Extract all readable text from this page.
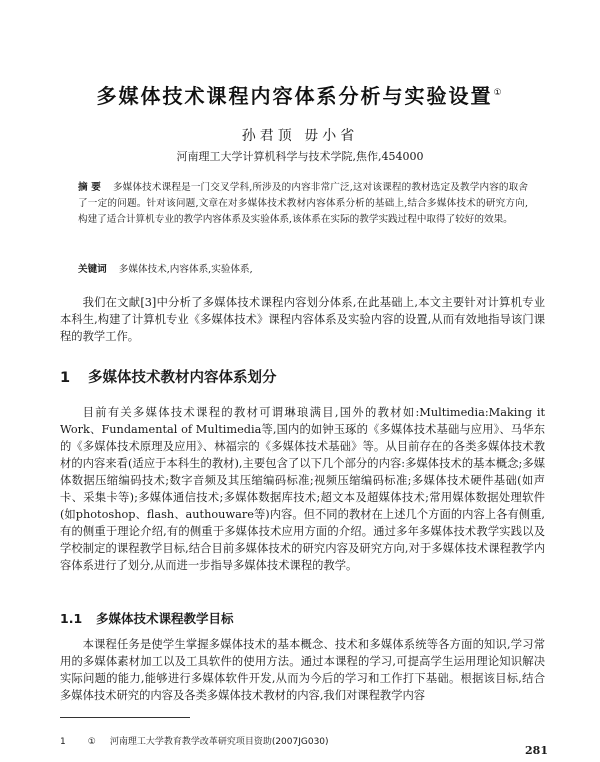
多媒体技术课程内容体系分析与实验设置①
孙君顶 毋小省
河南理工大学计算机科学与技术学院,焦作,454000

摘 要 多媒体技术课程是一门交叉学科,所涉及的内容非常广泛,这对该课程的教材选定及教学内容的取舍了一定的问题。针对该问题,文章在对多媒体技术教材内容体系分析的基础上,结合多媒体技术的研究方向,构建了适合计算机专业的教学内容体系及实验体系,该体系在实际的教学实践过程中取得了较好的效果。

关键词 多媒体技术,内容体系,实验体系,

我们在文献[3]中分析了多媒体技术课程内容划分体系,在此基础上,本文主要针对计算机专业本科生,构建了计算机专业《多媒体技术》课程内容体系及实验内容的设置,从而有效地指导该门课程的教学工作。

1 多媒体技术教材内容体系划分

目前有关多媒体技术课程的教材可谓琳琅满目,国外的教材如:Multimedia:Making it Work、Fundamental of Multimedia等,国内的如钟玉琢的《多媒体技术基础与应用》、马华东的《多媒体技术原理及应用》、林福宗的《多媒体技术基础》等。从目前存在的各类多媒体技术教材的内容来看(适应于本科生的教材),主要包含了以下几个部分的内容:多媒体技术的基本概念;多媒体数据压缩编码技术;数字音频及其压缩编码标准;视频压缩编码标准;多媒体技术硬件基础(如声卡、采集卡等);多媒体通信技术;多媒体数据库技术;超文本及超媒体技术;常用媒体数据处理软件(如photoshop、flash、authouware等)内容。但不同的教材在上述几个方面的内容上各有侧重,有的侧重于理论介绍,有的侧重于多媒体技术应用方面的介绍。通过多年多媒体技术教学实践以及学校制定的课程教学目标,结合目前多媒体技术的研究内容及研究方向,对于多媒体技术课程教学内容体系进行了划分,从而进一步指导多媒体技术课程的教学。

1.1 多媒体技术课程教学目标

本课程任务是使学生掌握多媒体技术的基本概念、技术和多媒体系统等各方面的知识,学习常用的多媒体素材加工以及工具软件的使用方法。通过本课程的学习,可提高学生运用理论知识解决实际问题的能力,能够进行多媒体软件开发,从而为今后的学习和工作打下基础。根据该目标,结合多媒体技术研究的内容及各类多媒体技术教材的内容,我们对课程教学内容

1 ① 河南理工大学教育教学改革研究项目资助(2007JG030)
281
